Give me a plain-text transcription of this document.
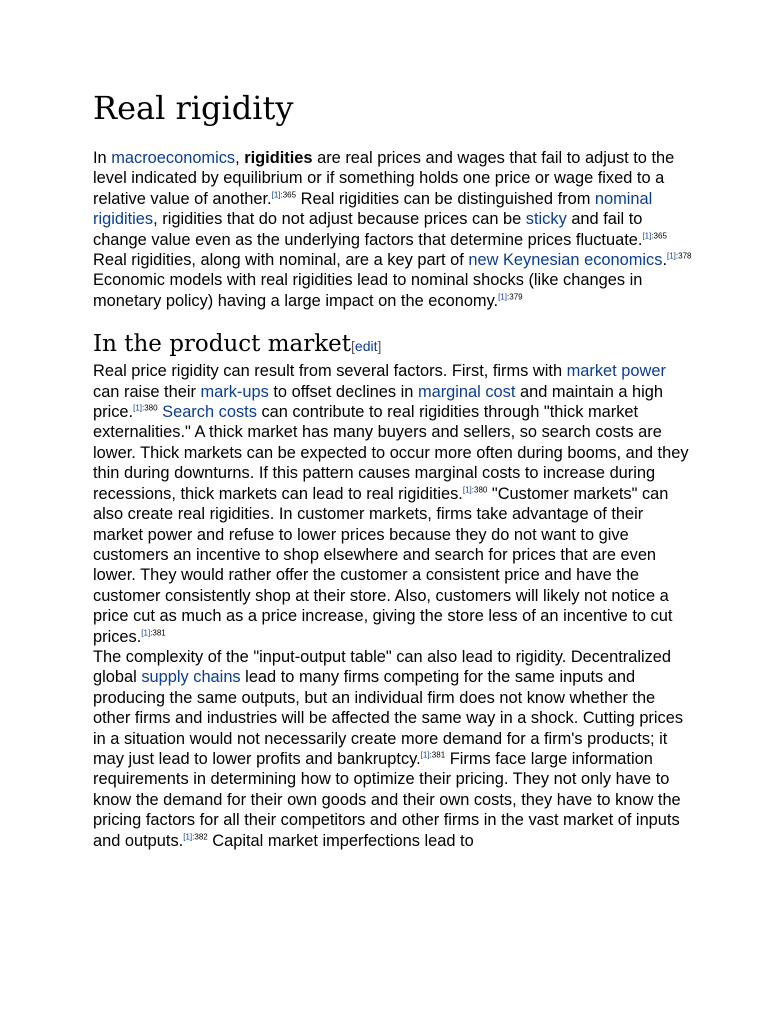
Real rigidity

In macroeconomics, rigidities are real prices and wages that fail to adjust to the level indicated by equilibrium or if something holds one price or wage fixed to a relative value of another.$^{[1]:365}$ Real rigidities can be distinguished from nominal rigidities, rigidities that do not adjust because prices can be sticky and fail to change value even as the underlying factors that determine prices fluctuate.$^{[1]:365}$ Real rigidities, along with nominal, are a key part of new Keynesian economics.$^{[1]:378}$ Economic models with real rigidities lead to nominal shocks (like changes in monetary policy) having a large impact on the economy.$^{[1]:379}$

In the product market[edit]

Real price rigidity can result from several factors. First, firms with market power can raise their mark-ups to offset declines in marginal cost and maintain a high price.$^{[1]:380}$ Search costs can contribute to real rigidities through "thick market externalities." A thick market has many buyers and sellers, so search costs are lower. Thick markets can be expected to occur more often during booms, and they thin during downturns. If this pattern causes marginal costs to increase during recessions, thick markets can lead to real rigidities.$^{[1]:380}$ "Customer markets" can also create real rigidities. In customer markets, firms take advantage of their market power and refuse to lower prices because they do not want to give customers an incentive to shop elsewhere and search for prices that are even lower. They would rather offer the customer a consistent price and have the customer consistently shop at their store. Also, customers will likely not notice a price cut as much as a price increase, giving the store less of an incentive to cut prices.$^{[1]:381}$

The complexity of the "input-output table" can also lead to rigidity. Decentralized global supply chains lead to many firms competing for the same inputs and producing the same outputs, but an individual firm does not know whether the other firms and industries will be affected the same way in a shock. Cutting prices in a situation would not necessarily create more demand for a firm's products; it may just lead to lower profits and bankruptcy.$^{[1]:381}$ Firms face large information requirements in determining how to optimize their pricing. They not only have to know the demand for their own goods and their own costs, they have to know the pricing factors for all their competitors and other firms in the vast market of inputs and outputs.$^{[1]:382}$ Capital market imperfections lead to
